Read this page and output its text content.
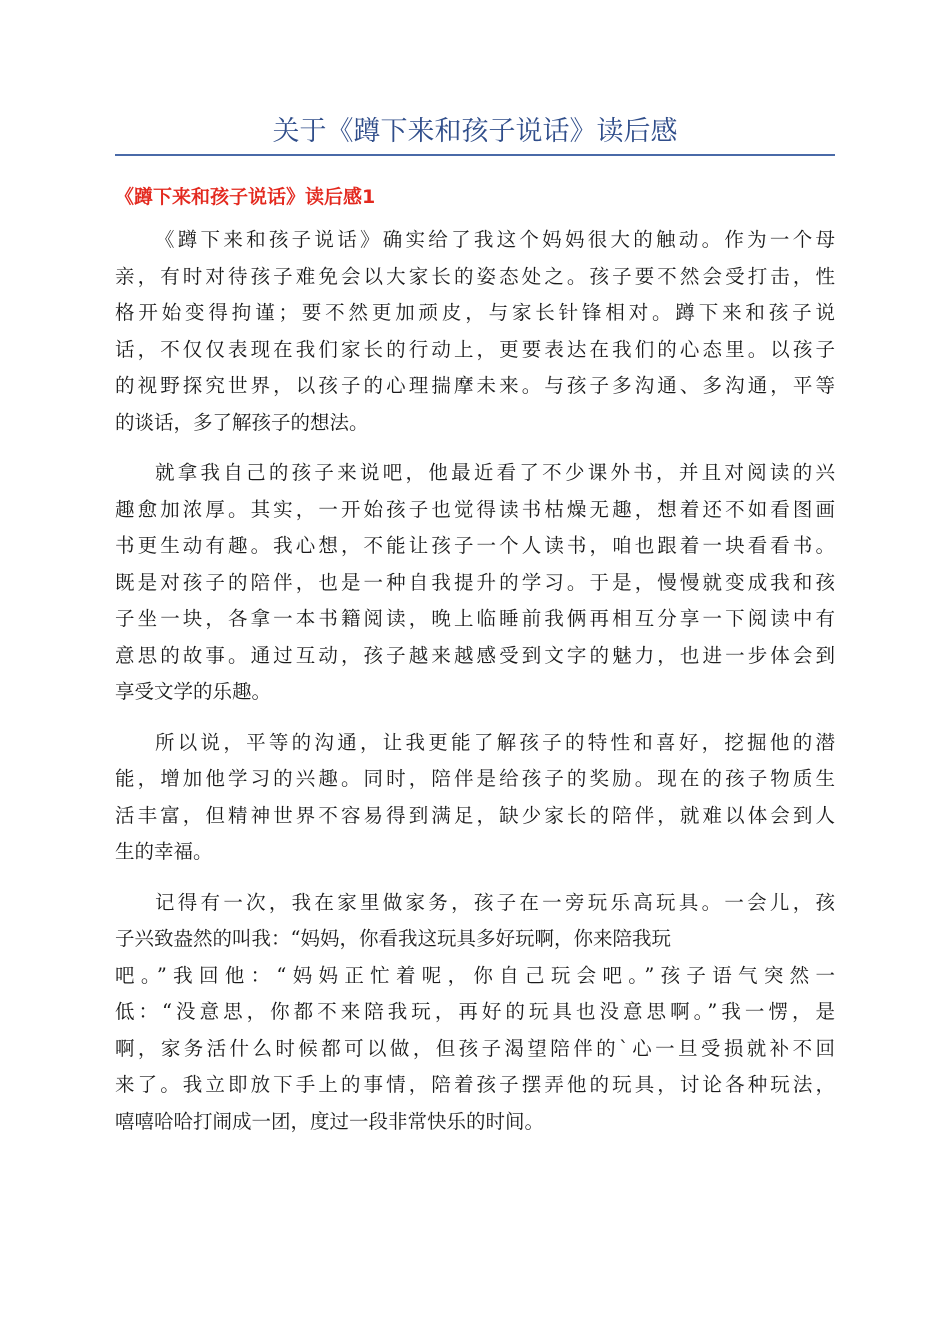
关于《蹲下来和孩子说话》读后感
《蹲下来和孩子说话》读后感1

《蹲下来和孩子说话》确实给了我这个妈妈很大的触动。作为一个母
亲，有时对待孩子难免会以大家长的姿态处之。孩子要不然会受打击，性
格开始变得拘谨；要不然更加顽皮，与家长针锋相对。蹲下来和孩子说
话，不仅仅表现在我们家长的行动上，更要表达在我们的心态里。以孩子
的视野探究世界，以孩子的心理揣摩未来。与孩子多沟通、多沟通，平等
的谈话，多了解孩子的想法。

就拿我自己的孩子来说吧，他最近看了不少课外书，并且对阅读的兴
趣愈加浓厚。其实，一开始孩子也觉得读书枯燥无趣，想着还不如看图画
书更生动有趣。我心想，不能让孩子一个人读书，咱也跟着一块看看书。
既是对孩子的陪伴，也是一种自我提升的学习。于是，慢慢就变成我和孩
子坐一块，各拿一本书籍阅读，晚上临睡前我俩再相互分享一下阅读中有
意思的故事。通过互动，孩子越来越感受到文字的魅力，也进一步体会到
享受文学的乐趣。

所以说，平等的沟通，让我更能了解孩子的特性和喜好，挖掘他的潜
能，增加他学习的兴趣。同时，陪伴是给孩子的奖励。现在的孩子物质生
活丰富，但精神世界不容易得到满足，缺少家长的陪伴，就难以体会到人
生的幸福。

记得有一次，我在家里做家务，孩子在一旁玩乐高玩具。一会儿，孩
子兴致盎然的叫我：“妈妈，你看我这玩具多好玩啊，你来陪我玩
吧。”我回他：“妈妈正忙着呢，你自己玩会吧。”孩子语气突然一
低：“没意思，你都不来陪我玩，再好的玩具也没意思啊。”我一愣，是
啊，家务活什么时候都可以做，但孩子渴望陪伴的`心一旦受损就补不回
来了。我立即放下手上的事情，陪着孩子摆弄他的玩具，讨论各种玩法，
嘻嘻哈哈打闹成一团，度过一段非常快乐的时间。
